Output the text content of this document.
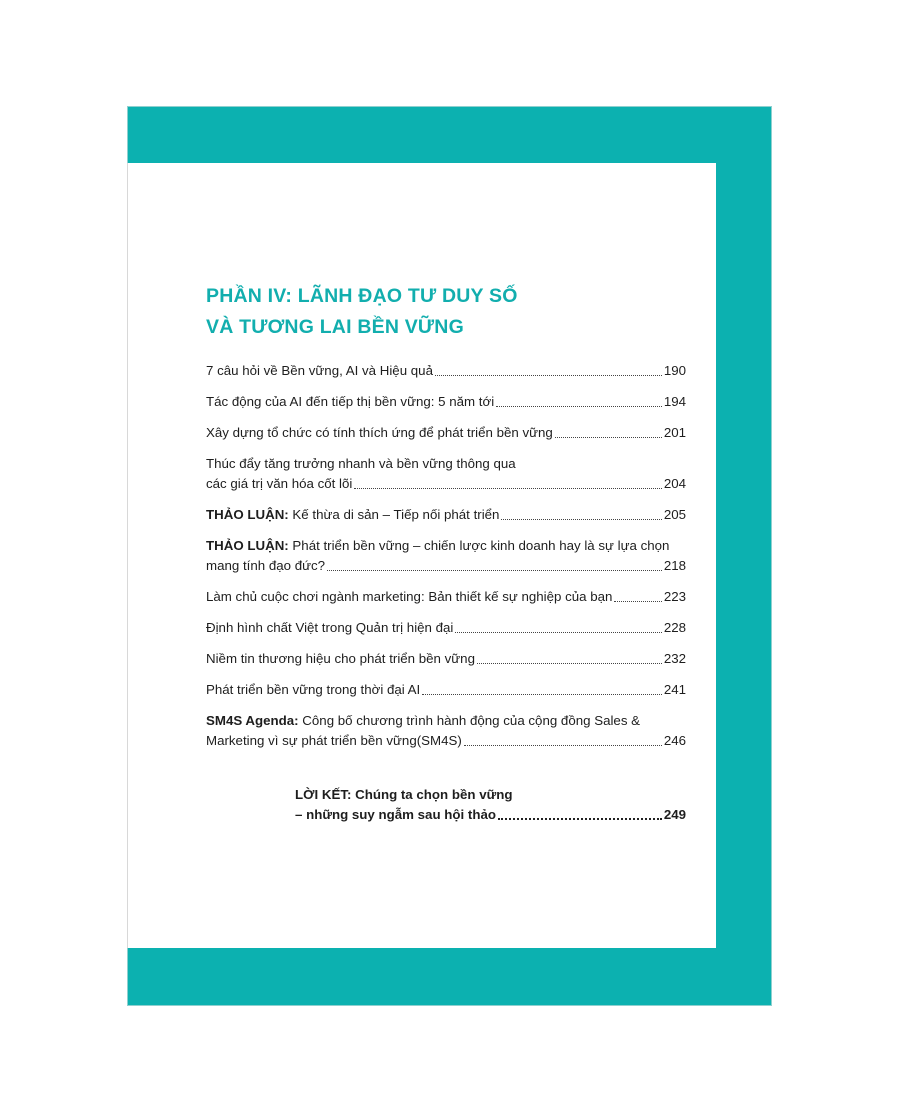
PHẦN IV: LÃNH ĐẠO TƯ DUY SỐ
VÀ TƯƠNG LAI BỀN VỮNG
7 câu hỏi về Bền vững, AI và Hiệu quả	190
Tác động của AI đến tiếp thị bền vững: 5 năm tới	194
Xây dựng tổ chức có tính thích ứng để phát triển bền vững	201
Thúc đẩy tăng trưởng nhanh và bền vững thông qua
các giá trị văn hóa cốt lõi	204
THẢO LUẬN: Kế thừa di sản – Tiếp nối phát triển	205
THẢO LUẬN: Phát triển bền vững – chiến lược kinh doanh hay là sự lựa chọn
mang tính đạo đức?	218
Làm chủ cuộc chơi ngành marketing: Bản thiết kế sự nghiệp của bạn	223
Định hình chất Việt trong Quản trị hiện đại	228
Niềm tin thương hiệu cho phát triển bền vững	232
Phát triển bền vững trong thời đại AI	241
SM4S Agenda: Công bố chương trình hành động của cộng đồng Sales &
Marketing vì sự phát triển bền vững(SM4S)	246
LỜI KẾT: Chúng ta chọn bền vững
– những suy ngẫm sau hội thảo	249
